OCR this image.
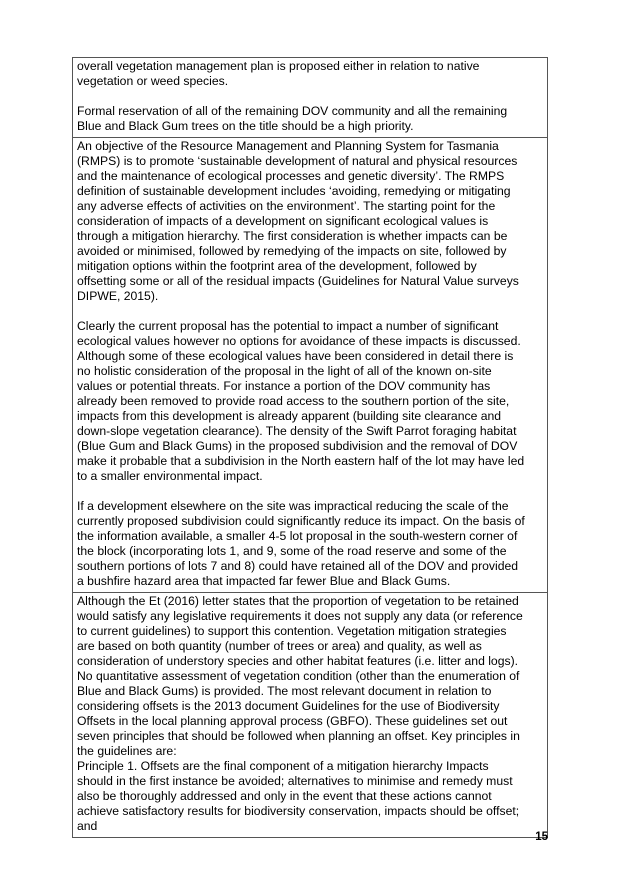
overall vegetation management plan is proposed either in relation to native
vegetation or weed species.

Formal reservation of all of the remaining DOV community and all the remaining
Blue and Black Gum trees on the title should be a high priority.

An objective of the Resource Management and Planning System for Tasmania
(RMPS) is to promote ‘sustainable development of natural and physical resources
and the maintenance of ecological processes and genetic diversity’. The RMPS
definition of sustainable development includes ‘avoiding, remedying or mitigating
any adverse effects of activities on the environment’. The starting point for the
consideration of impacts of a development on significant ecological values is
through a mitigation hierarchy. The first consideration is whether impacts can be
avoided or minimised, followed by remedying of the impacts on site, followed by
mitigation options within the footprint area of the development, followed by
offsetting some or all of the residual impacts (Guidelines for Natural Value surveys
DIPWE, 2015).

Clearly the current proposal has the potential to impact a number of significant
ecological values however no options for avoidance of these impacts is discussed.
Although some of these ecological values have been considered in detail there is
no holistic consideration of the proposal in the light of all of the known on-site
values or potential threats. For instance a portion of the DOV community has
already been removed to provide road access to the southern portion of the site,
impacts from this development is already apparent (building site clearance and
down-slope vegetation clearance). The density of the Swift Parrot foraging habitat
(Blue Gum and Black Gums) in the proposed subdivision and the removal of DOV
make it probable that a subdivision in the North eastern half of the lot may have led
to a smaller environmental impact.

If a development elsewhere on the site was impractical reducing the scale of the
currently proposed subdivision could significantly reduce its impact. On the basis of
the information available, a smaller 4-5 lot proposal in the south-western corner of
the block (incorporating lots 1, and 9, some of the road reserve and some of the
southern portions of lots 7 and 8) could have retained all of the DOV and provided
a bushfire hazard area that impacted far fewer Blue and Black Gums.

Although the Et (2016) letter states that the proportion of vegetation to be retained
would satisfy any legislative requirements it does not supply any data (or reference
to current guidelines) to support this contention. Vegetation mitigation strategies
are based on both quantity (number of trees or area) and quality, as well as
consideration of understory species and other habitat features (i.e. litter and logs).
No quantitative assessment of vegetation condition (other than the enumeration of
Blue and Black Gums) is provided. The most relevant document in relation to
considering offsets is the 2013 document Guidelines for the use of Biodiversity
Offsets in the local planning approval process (GBFO). These guidelines set out
seven principles that should be followed when planning an offset. Key principles in
the guidelines are:

Principle 1. Offsets are the final component of a mitigation hierarchy Impacts
should in the first instance be avoided; alternatives to minimise and remedy must
also be thoroughly addressed and only in the event that these actions cannot
achieve satisfactory results for biodiversity conservation, impacts should be offset;
and

15
